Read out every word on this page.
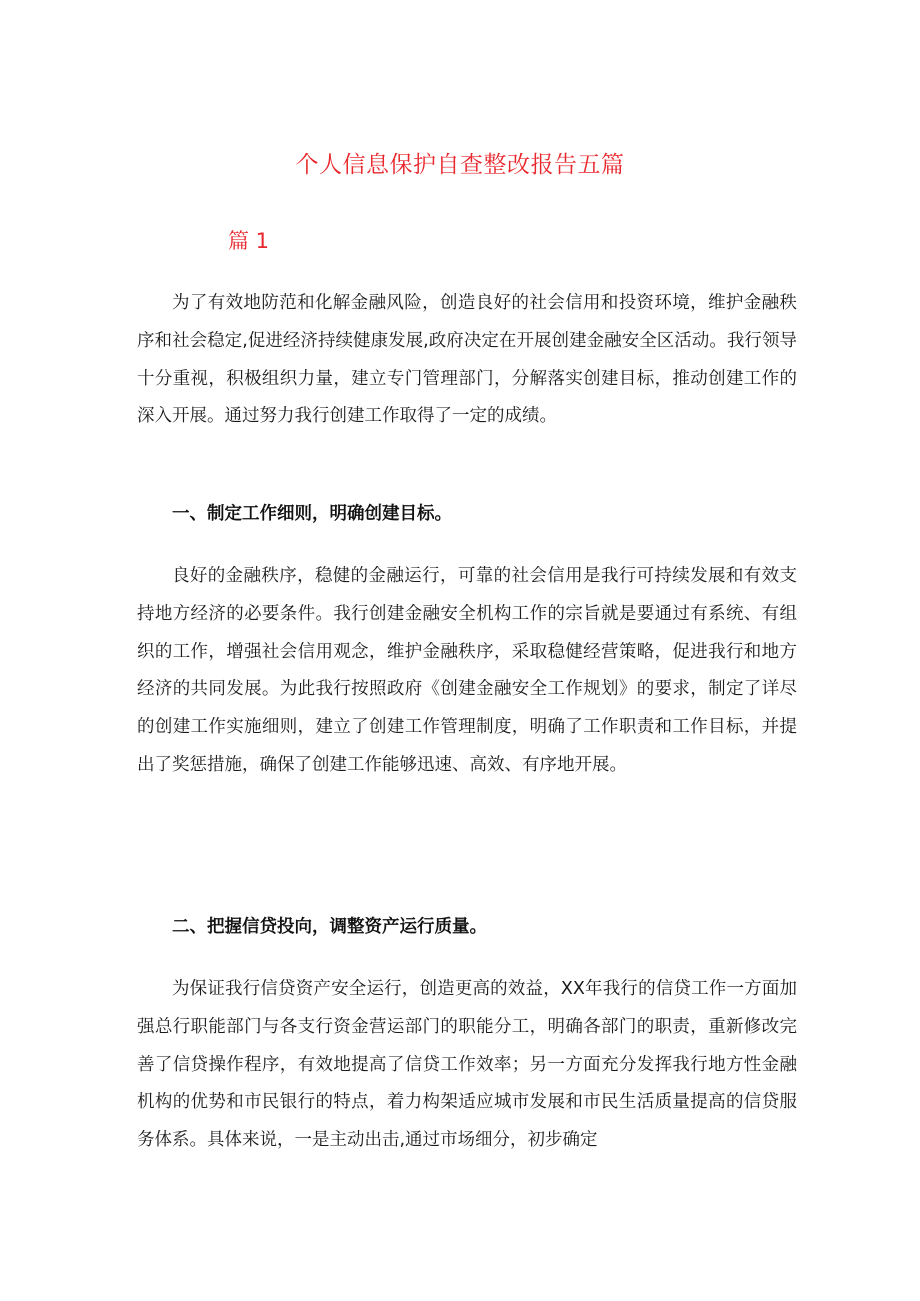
个人信息保护自查整改报告五篇
篇 1

为了有效地防范和化解金融风险，创造良好的社会信用和投资环境，维护金融秩序和社会稳定,促进经济持续健康发展,政府决定在开展创建金融安全区活动。我行领导十分重视，积极组织力量，建立专门管理部门，分解落实创建目标，推动创建工作的深入开展。通过努力我行创建工作取得了一定的成绩。

一、制定工作细则，明确创建目标。

良好的金融秩序，稳健的金融运行，可靠的社会信用是我行可持续发展和有效支持地方经济的必要条件。我行创建金融安全机构工作的宗旨就是要通过有系统、有组织的工作，增强社会信用观念，维护金融秩序，采取稳健经营策略，促进我行和地方经济的共同发展。为此我行按照政府《创建金融安全工作规划》的要求，制定了详尽的创建工作实施细则，建立了创建工作管理制度，明确了工作职责和工作目标，并提出了奖惩措施，确保了创建工作能够迅速、高效、有序地开展。

二、把握信贷投向，调整资产运行质量。

为保证我行信贷资产安全运行，创造更高的效益，XX年我行的信贷工作一方面加强总行职能部门与各支行资金营运部门的职能分工，明确各部门的职责，重新修改完善了信贷操作程序，有效地提高了信贷工作效率；另一方面充分发挥我行地方性金融机构的优势和市民银行的特点，着力构架适应城市发展和市民生活质量提高的信贷服务体系。具体来说，一是主动出击,通过市场细分，初步确定
